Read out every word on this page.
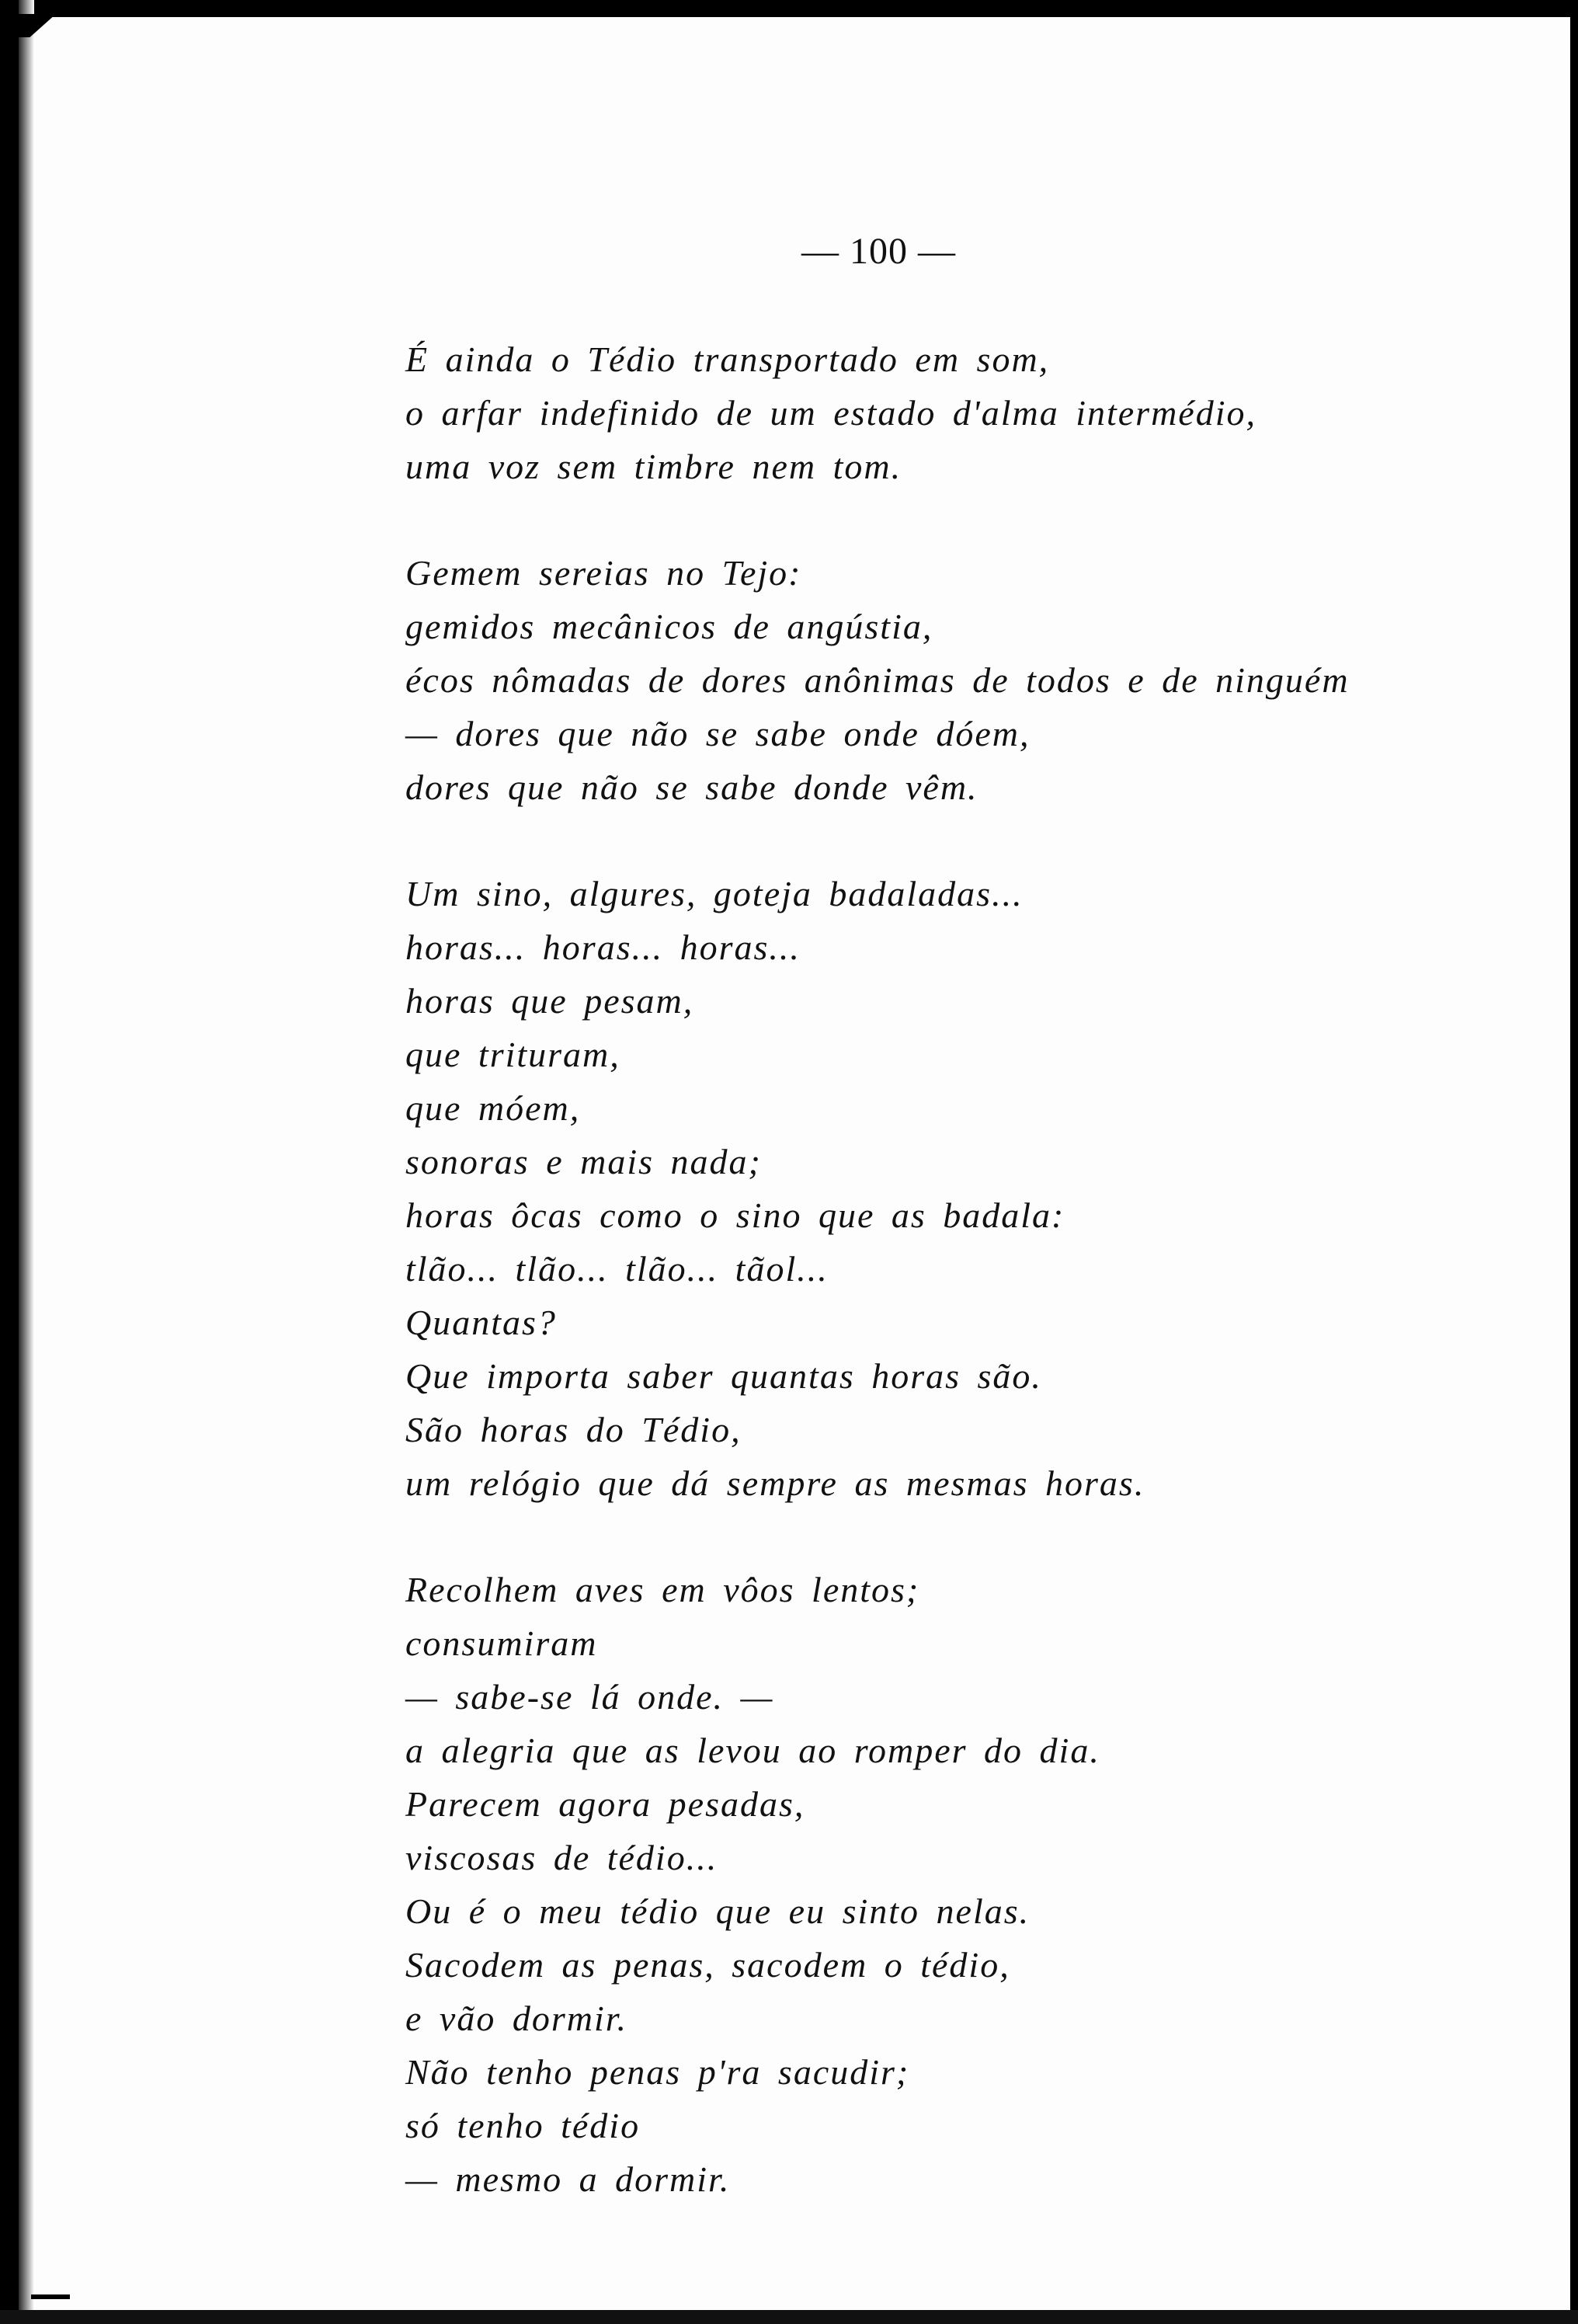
— 100 —
É ainda o Tédio transportado em som,
o arfar indefinido de um estado d'alma intermédio,
uma voz sem timbre nem tom.
Gemem sereias no Tejo:
gemidos mecânicos de angústia,
écos nômadas de dores anônimas de todos e de ninguém
— dores que não se sabe onde dóem,
dores que não se sabe donde vêm.
Um sino, algures, goteja badaladas...
horas... horas... horas...
horas que pesam,
que trituram,
que móem,
sonoras e mais nada;
horas ôcas como o sino que as badala:
tlão... tlão... tlão... tãol...
Quantas?
Que importa saber quantas horas são.
São horas do Tédio,
um relógio que dá sempre as mesmas horas.
Recolhem aves em vôos lentos;
consumiram
— sabe-se lá onde. —
a alegria que as levou ao romper do dia.
Parecem agora pesadas,
viscosas de tédio...
Ou é o meu tédio que eu sinto nelas.
Sacodem as penas, sacodem o tédio,
e vão dormir.
Não tenho penas p'ra sacudir;
só tenho tédio
— mesmo a dormir.
